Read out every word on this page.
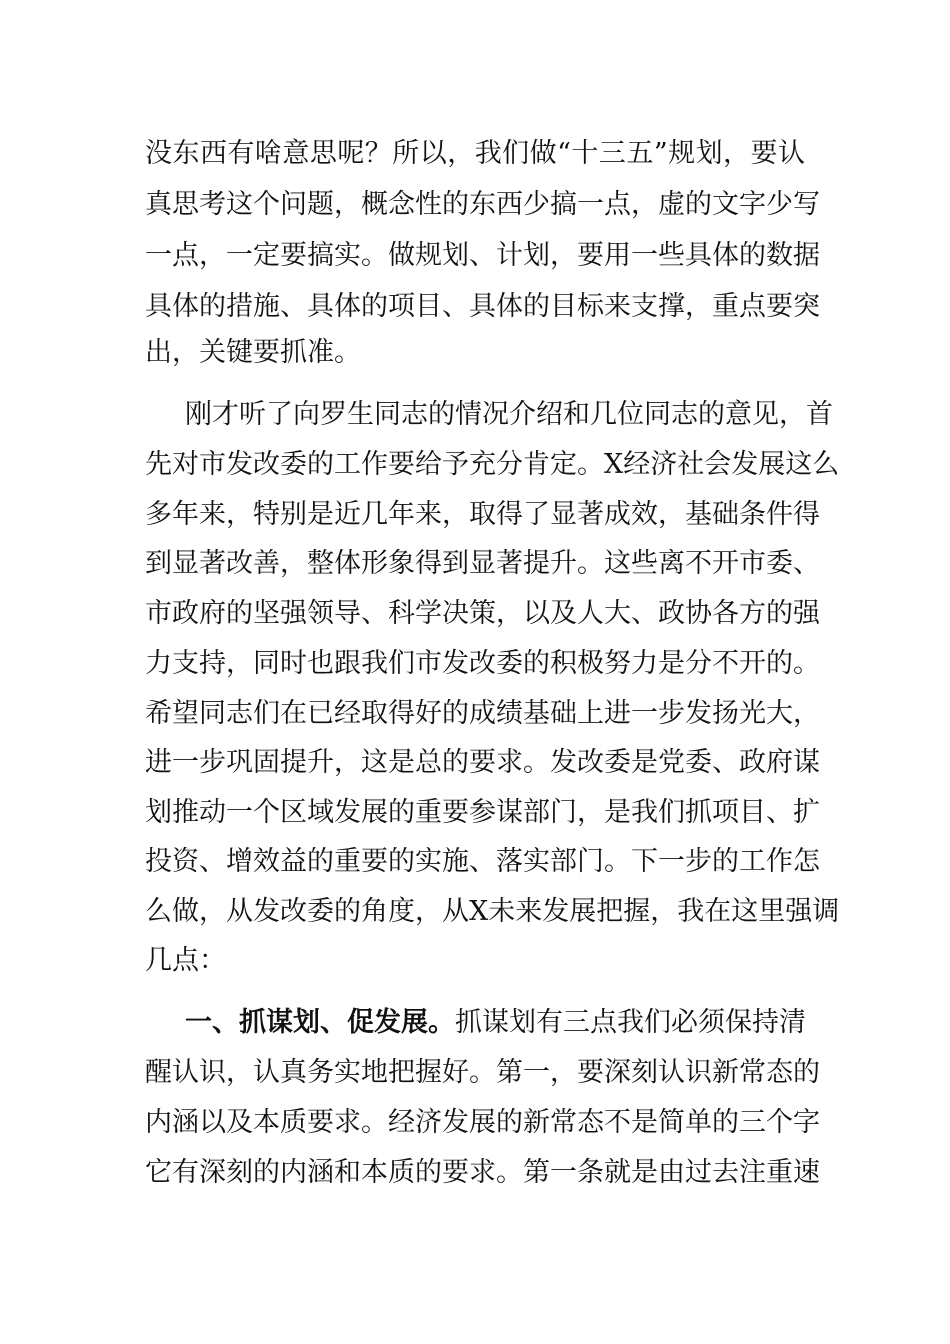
没东西有啥意思呢？所以，我们做“十三五”规划，要认
真思考这个问题，概念性的东西少搞一点，虚的文字少写
一点，一定要搞实。做规划、计划，要用一些具体的数据
具体的措施、具体的项目、具体的目标来支撑，重点要突
出，关键要抓准。
刚才听了向罗生同志的情况介绍和几位同志的意见，首
先对市发改委的工作要给予充分肯定。X经济社会发展这么
多年来，特别是近几年来，取得了显著成效，基础条件得
到显著改善，整体形象得到显著提升。这些离不开市委、
市政府的坚强领导、科学决策，以及人大、政协各方的强
力支持，同时也跟我们市发改委的积极努力是分不开的。
希望同志们在已经取得好的成绩基础上进一步发扬光大，
进一步巩固提升，这是总的要求。发改委是党委、政府谋
划推动一个区域发展的重要参谋部门，是我们抓项目、扩
投资、增效益的重要的实施、落实部门。下一步的工作怎
么做，从发改委的角度，从X未来发展把握，我在这里强调
几点：
一、抓谋划、促发展。抓谋划有三点我们必须保持清
醒认识，认真务实地把握好。第一，要深刻认识新常态的
内涵以及本质要求。经济发展的新常态不是简单的三个字
它有深刻的内涵和本质的要求。第一条就是由过去注重速
